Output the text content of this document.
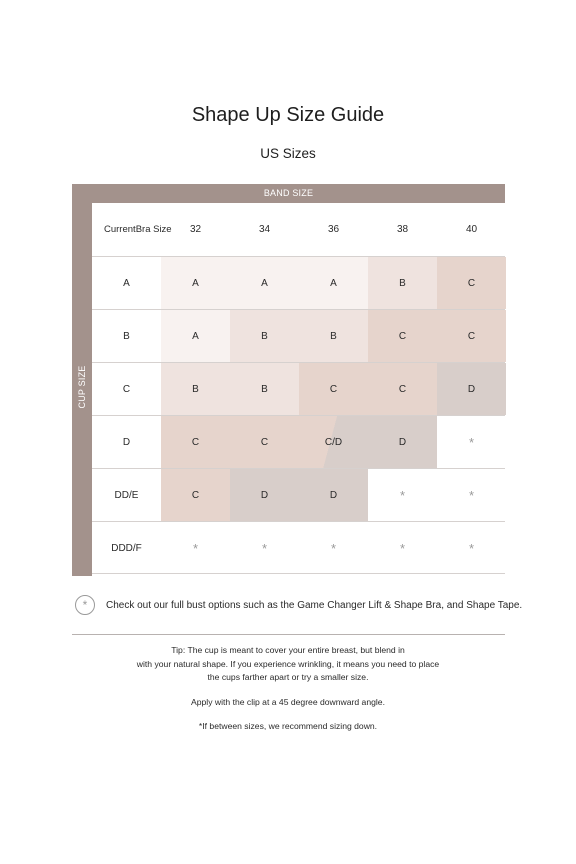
Shape Up Size Guide
US Sizes
BAND SIZE
CUP SIZE
Current Bra Size	32	34	36	38	40
A	A	A	A	B	C
B	A	B	B	C	C
C	B	B	C	C	D
D	C	C	C/D	D	*
DD/E	C	D	D	*	*
DDD/F	*	*	*	*	*
*	Check out our full bust options such as the Game Changer Lift & Shape Bra, and Shape Tape.

Tip: The cup is meant to cover your entire breast, but blend in
with your natural shape. If you experience wrinkling, it means you need to place
the cups farther apart or try a smaller size.

Apply with the clip at a 45 degree downward angle.

*If between sizes, we recommend sizing down.
